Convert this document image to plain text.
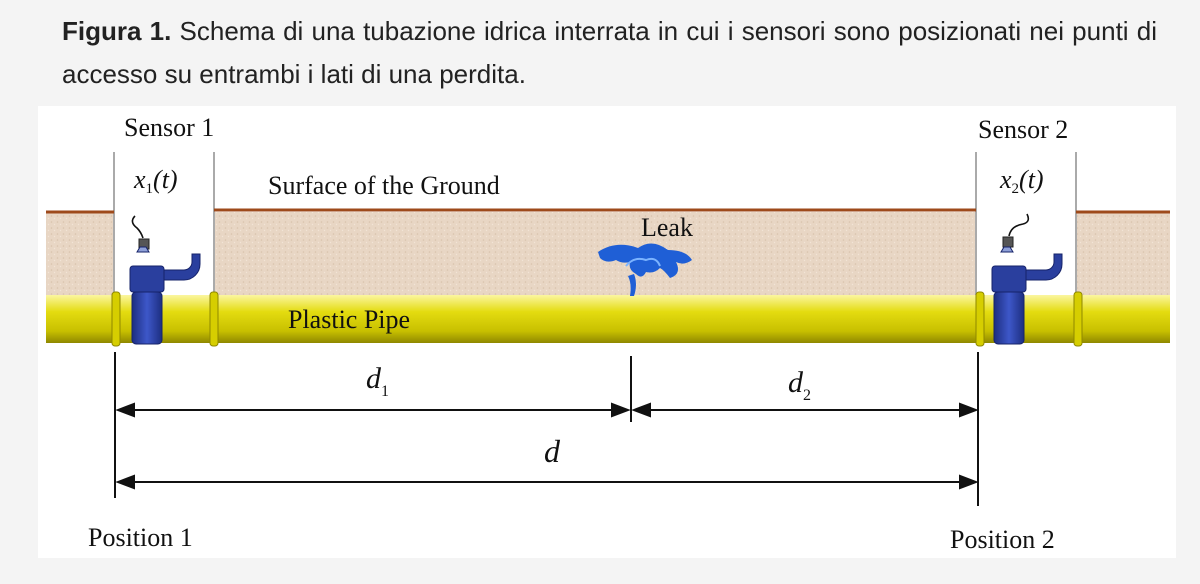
Figura 1. Schema di una tubazione idrica interrata in cui i sensori sono posizionati nei punti di accesso su entrambi i lati di una perdita.
Sensor 1	Sensor 2
x1(t)	x2(t)
Surface of the Ground
Leak
Plastic Pipe
$d_1$	$d_2$
d
Position 1	Position 2
